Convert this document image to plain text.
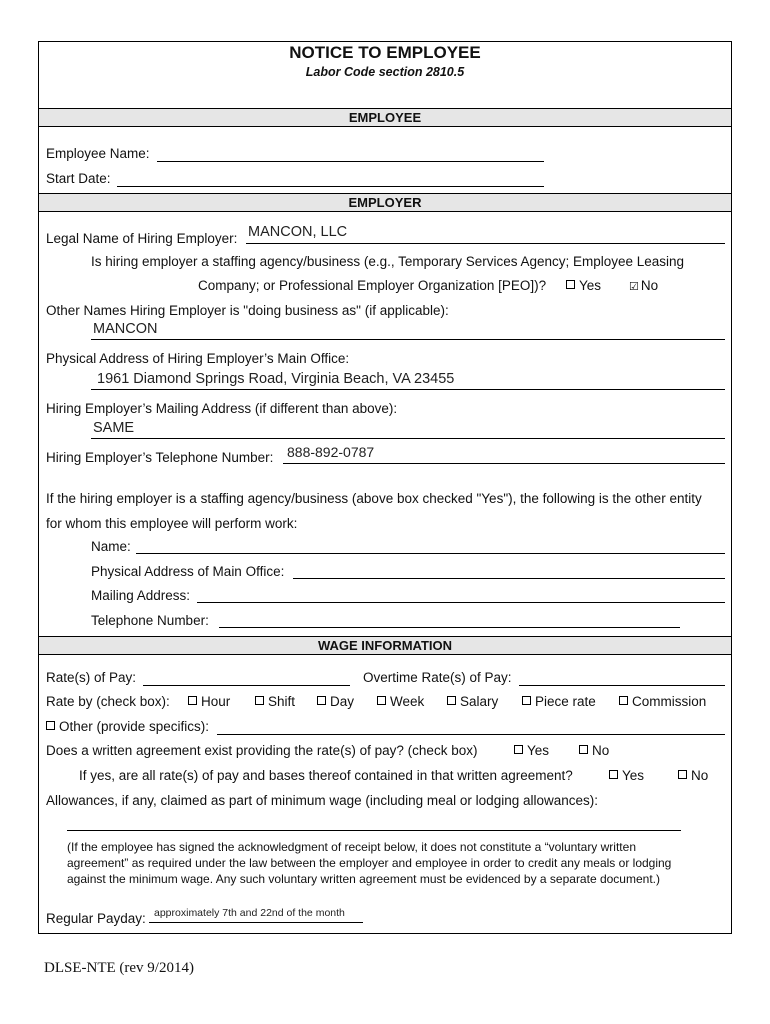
NOTICE TO EMPLOYEE
Labor Code section 2810.5
EMPLOYEE
Employee Name:
Start Date:
EMPLOYER
Legal Name of Hiring Employer: MANCON, LLC
Is hiring employer a staffing agency/business (e.g., Temporary Services Agency; Employee Leasing
Company; or Professional Employer Organization [PEO])?	Yes	☑ No
Other Names Hiring Employer is "doing business as" (if applicable):
MANCON
Physical Address of Hiring Employer’s Main Office:
1961 Diamond Springs Road, Virginia Beach, VA 23455
Hiring Employer’s Mailing Address (if different than above):
SAME
Hiring Employer’s Telephone Number: 888-892-0787
If the hiring employer is a staffing agency/business (above box checked "Yes"), the following is the other entity
for whom this employee will perform work:
Name:
Physical Address of Main Office:
Mailing Address:
Telephone Number:
WAGE INFORMATION
Rate(s) of Pay:	Overtime Rate(s) of Pay:
Rate by (check box):	Hour	Shift	Day	Week	Salary	Piece rate	Commission
Other (provide specifics):
Does a written agreement exist providing the rate(s) of pay? (check box)	Yes	No
If yes, are all rate(s) of pay and bases thereof contained in that written agreement?	Yes	No
Allowances, if any, claimed as part of minimum wage (including meal or lodging allowances):
(If the employee has signed the acknowledgment of receipt below, it does not constitute a “voluntary written
agreement” as required under the law between the employer and employee in order to credit any meals or lodging
against the minimum wage. Any such voluntary written agreement must be evidenced by a separate document.)
Regular Payday: approximately 7th and 22nd of the month
DLSE-NTE (rev 9/2014)
